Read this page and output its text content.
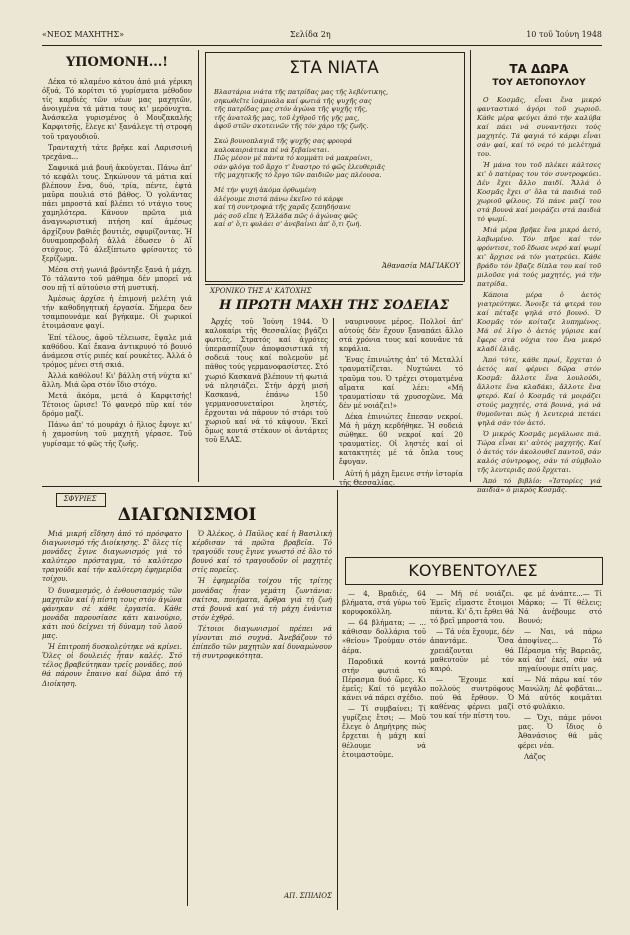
«ΝΕΟΣ ΜΑΧΗΤΗΣ»	Σελίδα 2η	10 τοῦ Ἰούνη 1948
ΥΠΟΜΟΝΗ...!

Δέκα τό κλαμένο κάτου ἀπό μιά γέρικη ὀξυά, Τό κορίτσι τό γυρίσματα μέθοδον τίς καρδιές τῶν νέων μας μαχητῶν, ἀνοιγμένα τά μάτια τους κι' μερόνυχτα. Ἀνάσκελα γυρισμένος ὁ Μουζακαλής Καρφιτσῆς, ἔλεγε κι' ξανάλεγε τή στροφή τοῦ τραγουδιοῦ.

Τρανταχτὴ τάτε βρῆκε καί Λαρισσινή τρεχάνα...

Σαφνικά μιά βουή ἀκούγεται. Πάνω ἀπ' τό κεφάλι τους. Σηκώνουν τά μάτια καί βλέπουν ἕνα, δυό, τρία, πέντε, ἑφτά μαῦρα πουλιά στό βάθος. Ὁ γολάντας πάει μπροστά καί βλέπει τό ντάγιο τους χαμηλότερα. Κάνουν πρῶτα μιά ἀναγνωριστική πτήση καί ἀμέσως ἀρχίζουν βαθιές βουτιές, σφυρίζοντας. Ἡ δυναμοπροβολή ἀλλά ἐδωσεν ὁ Αἴ στόχους. Τό ἀλεξίπτωτο φρίσοντες τό ξερίζωμα.

Μέσα στή γωνιά βρόντηξε ξανά ἡ μάχη. Τό τάλαντο τοῦ μάθημα δέν μπορεῖ νά σου πῇ τί αὐτούσιο στή μυστική.

Ἀμέσως ἀρχίσε ἡ ἐπιμονή μελέτη γιά τήν καθοδηγητική ἐργασία. Σήμερα δεν τσαμπουνάμε καί βγήκαμε. Οἱ χωρικοί ἑτοιμάσανε φαγί.

Ἐπί τέλους, ἀφοῦ τέλειωσε, ἔψαλε μιά καθόδου. Καί ἔκανα ἀντικρυνό τό βουνό ἀνάμεσα στίς ριπές καί ρουκέτες. Ἀλλά ὁ τρόμος μένει στή σκιά.

Ἀλλά καθόλου! Κι' βάλλη στή νύχτα κι' ἄλλη. Μιά ὥρα στόν ἴδιο στόχο.

Μετά ἀκόμα, μετά ὁ Καρφιτσής! Τέτοιος ὥρισε! Τό φανερό πῦρ καί τόν δρόμο μαζί.

Πάνω ἀπ' τό μουράχι ὁ ἥλιος ἔφυγε κι' ἡ χαμοσύνη τοῦ μαχητῆ γέρασε. Τοῦ γυρίσαμε τό φῶς τῆς ζωῆς.

ΣΤΑ ΝΙΑΤΑ
Βλαστάρια νιάτα τῆς πατρίδας μας τῆς λεβέντικης,
σηκωθεῖτε ἰσάμυαλα καί φωτιά τῆς ψυχῆς σας
τῆς πατρίδας μας στόν ἀγώνα τῆς ψυχῆς τῆς,
τῆς ἀνατολῆς μας, τοῦ ἐχθροῦ τῆς γῆς μας,
ἀφοῦ στῶν σκοτεινῶν τῆς τόν χάρο τῆς ζωῆς.
Σκώ βουνοπλαγιᾶ τῆς ψυχῆς σας φρουρά
καλοκαιριάτικα πέ νά ξεβαίνεται.
Πῶς μέσον μέ πάντα τό κομμάτι νά μακραίνει,
σάν φλόγα τοῦ ἄρχο τ' ἔναστρο τό φῶς ἐλευθεριᾶς
τῆς μαχητικῆς τό ἔργο τῶν παιδιῶν μας πλέουσα.
Μέ τήν ψυχή ἀκόμα ὁρθωμένη
ἀλέγουμε πιστά πάνω ἐκεῖνο τό κάρφι
καί τή συντροφιά τῆς χαρᾶς ξεπηδήσανε
μάς σοῦ εἴπε ἡ Ἑλλάδα πῶς ὁ ἀγώνας φῶς
καί σ' ὅ,τι φυλάει σ' ἀνεβαίνει ἀπ' ὅ,τι ζωή.
Ἀθανασία ΜΑΓΙΑΚΟΥ
ΤΑ ΔΩΡΑ
ΤΟΥ ΑΕΤΟΠΟΥΛΟΥ

Ο Κοσμᾶς, εἶναι ἕνα μικρό φανταστικό ἀγόρι τοῦ χωριοῦ. Κάθε μέρα φεύγει ἀπό τήν καλύβα καί πάει νά συναντήσει τούς μαχητές. Τά φαγιά τό κάρφι εἶναι σάν φαί, καί τό νερό τό μελέτημά του.

Ἡ μάνα του τοῦ πλέκει κάλτσες κι' ὁ πατέρας του τόν συντροφεύει. Δέν ἔχει ἄλλο παιδί. Ἄλλά ὁ Κοσμᾶς ἔχει σ' ὅλα τά παιδιά τοῦ χωριοῦ φίλους. Τό πάνε μαζί του στά βουνά καί μοιράζει στά παιδιά τό ψωμί.

Μιά μέρα βρῆκε ἕνα μικρό ἀετό, λαβωμένο. Τόν πῆρε καί τόν φρόντισε, τοῦ ἔδωσε νερό καί ψωμί κι' ἄρχισε νά τόν γιατρεύει. Κάθε βράδυ τόν ἔβαζε δίπλα του καί τοῦ μιλοῦσε γιά τούς μαχητές, γιά τήν πατρίδα.

Κάποια μέρα ὁ ἀετός γιατρεύτηκε. Ἄνοιξε τά φτερά του καί πέταξε ψηλά στό βουνό. Ὁ Κοσμᾶς τόν κοίταζε λυπημένος. Μά σέ λίγο ὁ ἀετός γύρισε καί ἔφερε στά νύχια του ἕνα μικρό κλαδί ἐλιᾶς.

Ἀπό τότε, κάθε πρωί, ἔρχεται ὁ ἀετός καί φέρνει δῶρα στόν Κοσμᾶ: ἄλλοτε ἕνα λουλούδι, ἄλλοτε ἕνα κλαδάκι, ἄλλοτε ἕνα φτερό. Καί ὁ Κοσμᾶς τά μοιράζει στούς μαχητές, στά βουνά, γιά νά θυμοῦνται πώς ἡ λευτεριά πετάει ψηλά σάν τόν ἀετό.

Ὁ μικρός Κοσμᾶς μεγάλωσε πιά. Τώρα εἶναι κι' αὐτός μαχητής. Καί ὁ ἀετός τόν ἀκολουθεῖ παντοῦ, σάν καλός σύντροφος, σάν τό σύμβολο τῆς λευτεριᾶς πού ἔρχεται.

Ἀπό τό βιβλίο: «Ἱστορίες γιά παιδιά» ὁ μικρός Κοσμᾶς.

ΧΡΟΝΙΚΟ ΤΗΣ Α' ΚΑΤΟΧΗΣ
Η ΠΡΩΤΗ ΜΑΧΗ ΤΗΣ ΣΟΔΕΙΑΣ

Ἀρχές τοῦ Ἰούνη 1944. Ὁ καλοκαίρι τῆς Θεσσαλίας βγάζει φωτιές. Στρατός καί ἀγρότες ὑπερασπίζουν ἀποφασιστικά τή σοδειά τους καί πολεμοῦν μέ πάθος τούς γερμανοφασίστες. Στό χωριό Κασκανά βλέπουν τή φωτιά νά πλησιάζει. Στήν ἀρχή μισή Κασκανά, ἐπάνω 150 γερμανοσυνεταίροι ληστές, ἔρχονται νά πάρουν τό στάρι τοῦ χωριοῦ καί νά τό κάψουν. Ἐκεῖ ὅμως κοντά στέκουν οἱ ἀντάρτες τοῦ ΕΛΑΣ.

ναυρινουνε μέρος. Πολλοί ἀπ' αὐτούς δέν ἔχουν ξαναπάει ἄλλο στά χρόνια τους καί κουνᾶνε τά κεφάλια.

Ἐνας ἐπινιώτης ἀπ' τό Μεταλλί τραυματίζεται. Νυχτώνει τό τραῦμα του. Ὁ τρέχει στοματμένα αἵματα καί λέει: «Μή τραυματίσαν τά χρυσοχῶνε. Μά δέν μέ νοιάζει!»

Δέκα ἐπινιώτες ἔπεσαν νεκροί. Μά ἡ μάχη κερδήθηκε. Ἡ σοδειά σώθηκε. 60 νεκροί καί 20 τραυματίες. Οἱ ληστές καί οἱ κατακτητές μέ τά ὅπλα τους ἔφυγαν.

Αὐτή ἡ μάχη ἔμεινε στήν ἱστορία τῆς Θεσσαλίας.

ΣΦΥΡΙΕΣ
ΔΙΑΓΩΝΙΣΜΟΙ

Μιά μικρή εἴδηση ἀπό τό πρόσφατο διαγωνισμό τῆς Διοίκησης. Σ' ὅλες τίς μονάδες ἔγινε διαγωνισμός γιά τό καλύτερο πρόσταγμα, τό καλύτερο τραγούδι καί τήν καλύτερη ἐφημερίδα τοίχου.

Ὁ δυναμισμός, ὁ ἐνθουσιασμός τῶν μαχητῶν καί ἡ πίστη τους στόν ἀγώνα φάνηκαν σέ κάθε ἐργασία. Κάθε μονάδα παρουσίασε κάτι καινούριο, κάτι πού δείχνει τή δύναμη τοῦ λαοῦ μας.

Ἡ ἐπιτροπή δυσκολεύτηκε νά κρίνει. Ὅλες οἱ δουλειές ἦταν καλές. Στό τέλος βραβεύτηκαν τρεῖς μονάδες, πού θά πάρουν ἔπαινο καί δῶρα ἀπό τή Διοίκηση.

Ὁ Ἀλέκος, ὁ Παῦλος καί ἡ Βασιλική κέρδισαν τά πρῶτα βραβεῖα. Τό τραγούδι τους ἔγινε γνωστό σέ ὅλο τό βουνό καί τό τραγουδοῦν οἱ μαχητές στίς πορεῖες.

Ἡ ἐφημερίδα τοίχου τῆς τρίτης μονάδας ἦταν γεμάτη ζωντάνια: σκίτσα, ποιήματα, ἄρθρα γιά τή ζωή στά βουνά καί γιά τή μάχη ἐνάντια στόν ἐχθρό.

Τέτοιοι διαγωνισμοί πρέπει νά γίνονται πιό συχνά. Ἀνεβάζουν τό ἐπίπεδο τῶν μαχητῶν καί δυναμώνουν τή συντροφικότητα.

ΑΠ. ΣΠΙΛΙΟΣ
ΚΟΥΒΕΝΤΟΥΛΕΣ

— 4, Βραδιές, 64 βλήματα, στά γύρω τοῦ κορυφοκόλλη.

— 64 βλήματα; — ... κάθισαν δολλάρια τοῦ «θείου» Τρούμαν στόν ἀέρα.

Παροδικά κοντά στήν φωτιά τό Πέρασμα δυό ὥρες. Κι ἐμεῖς; Καί τό μεγάλο κάνει νά πάρει σχέδιο.

— Τί συμβαίνει; Τί γυρίζεις ἔτσι; — Μοῦ ἔλεγε ὁ Δημήτρης πώς ἔρχεται ἡ μάχη καί θέλουμε νά ἑτοιμαστοῦμε.

— Μή σέ νοιάζει. Ἐμεῖς εἴμαστε ἕτοιμοι πάντα. Κι' ὅ,τι ἔρθει θά τό βρεῖ μπροστά του.

— Τά νέα ἔχουμε, δέν ἀπαντάμε. Ὅσα χρειάζονται θά μαθευτοῦν μέ τόν καιρό.

— Ἔχουμε καί πολλούς συντρόφους πού θά ἔρθουν. Ὁ καθένας φέρνει μαζί του καί τήν πίστη του.

φε μέ ἀνάπτε...— Τί Μάρκο; — Τί θέλεις; Νά ἀνέβουμε στό Βουνό;

— Ναι, νά πάρω ἀποψίνες... Τό Πέρασμα τῆς Βαρειᾶς, καί ἀπ' ἐκεῖ, σάν νά πηγαίνουμε σπίτι μας.

— Νά πάρω καί τόν Μανώλη; Δέ φοβᾶται... Μά αὐτός κοιμᾶται στό φυλάκιο.

— Ὄχι, πάμε μόνοι μας. Ὁ ἴδιος ὁ Ἀθανάσιος θά μᾶς φέρει νέα.

Λάζος
